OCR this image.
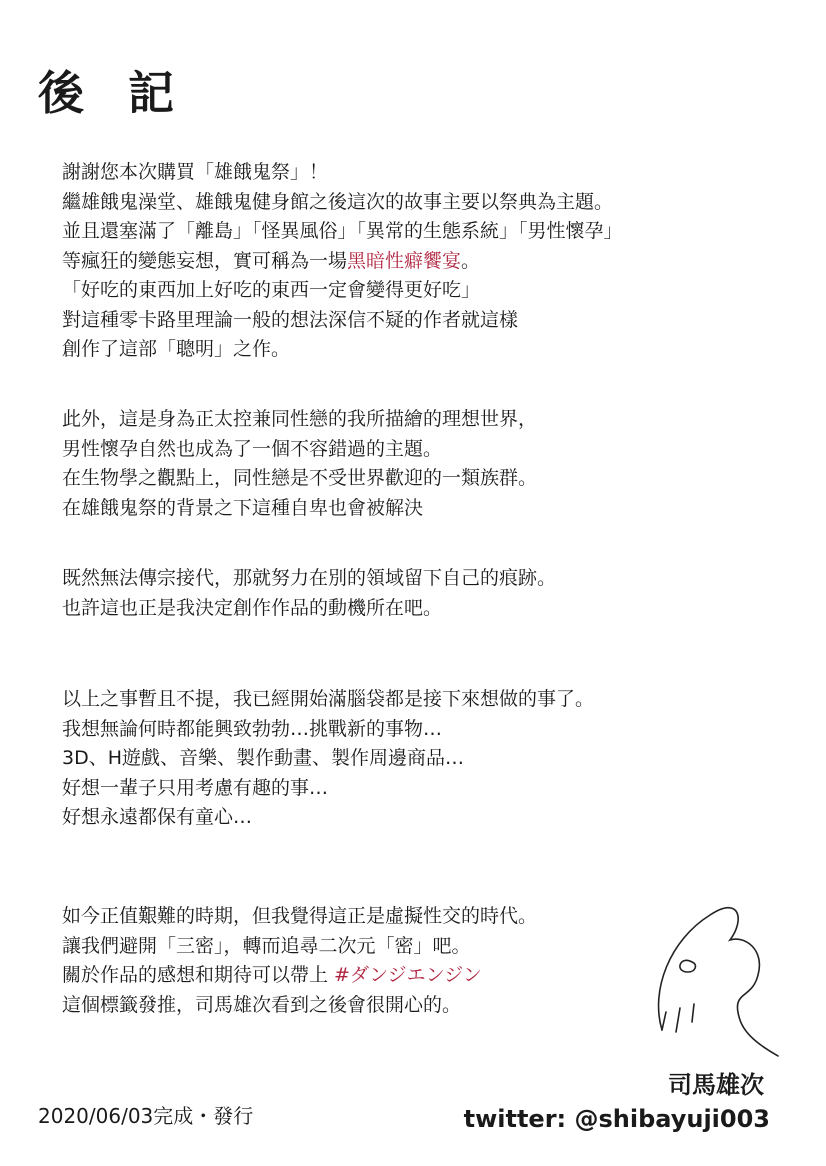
後 記
謝謝您本次購買「雄餓鬼祭」！
繼雄餓鬼澡堂、雄餓鬼健身館之後這次的故事主要以祭典為主題。
並且還塞滿了「離島」「怪異風俗」「異常的生態系統」「男性懷孕」
等瘋狂的變態妄想，實可稱為一場黑暗性癖饗宴。
「好吃的東西加上好吃的東西一定會變得更好吃」
對這種零卡路里理論一般的想法深信不疑的作者就這樣
創作了這部「聰明」之作。
此外，這是身為正太控兼同性戀的我所描繪的理想世界，
男性懷孕自然也成為了一個不容錯過的主題。
在生物學之觀點上，同性戀是不受世界歡迎的一類族群。
在雄餓鬼祭的背景之下這種自卑也會被解決
既然無法傳宗接代，那就努力在別的領域留下自己的痕跡。
也許這也正是我決定創作作品的動機所在吧。
以上之事暫且不提，我已經開始滿腦袋都是接下來想做的事了。
我想無論何時都能興致勃勃…挑戰新的事物…
3D、H遊戲、音樂、製作動畫、製作周邊商品…
好想一輩子只用考慮有趣的事…
好想永遠都保有童心…
如今正值艱難的時期，但我覺得這正是虛擬性交的時代。
讓我們避開「三密」，轉而追尋二次元「密」吧。
關於作品的感想和期待可以帶上 #ダンジエンジン
這個標籤發推，司馬雄次看到之後會很開心的。
司馬雄次
twitter: @shibayuji003
2020/06/03完成・發行
